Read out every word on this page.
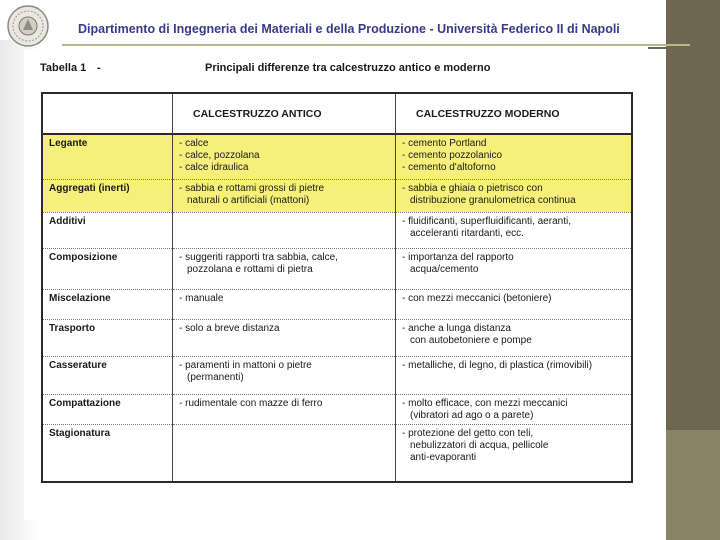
Dipartimento di Ingegneria dei Materiali e della Produzione - Università Federico II di Napoli
Tabella 1 -	Principali differenze tra calcestruzzo antico e moderno
	CALCESTRUZZO ANTICO	CALCESTRUZZO MODERNO
Legante	- calce
- calce, pozzolana
- calce idraulica	- cemento Portland
- cemento pozzolanico
- cemento d'altoforno

Aggregati (inerti)	- sabbia e rottami grossi di pietre
naturali o artificiali (mattoni)	- sabbia e ghiaia o pietrisco con
distribuzione granulometrica continua

Additivi		- fluidificanti, superfluidificanti, aeranti,
acceleranti ritardanti, ecc.

Composizione	- suggeriti rapporti tra sabbia, calce,
pozzolana e rottami di pietra	- importanza del rapporto
acqua/cemento

Miscelazione	- manuale	- con mezzi meccanici (betoniere)

Trasporto	- solo a breve distanza	- anche a lunga distanza
con autobetoniere e pompe

Casserature	- paramenti in mattoni o pietre
(permanenti)	- metalliche, di legno, di plastica (rimovibili)

Compattazione	- rudimentale con mazze di ferro	- molto efficace, con mezzi meccanici
(vibratori ad ago o a parete)

Stagionatura		- protezione del getto con teli,
nebulizzatori di acqua, pellicole
anti-evaporanti
